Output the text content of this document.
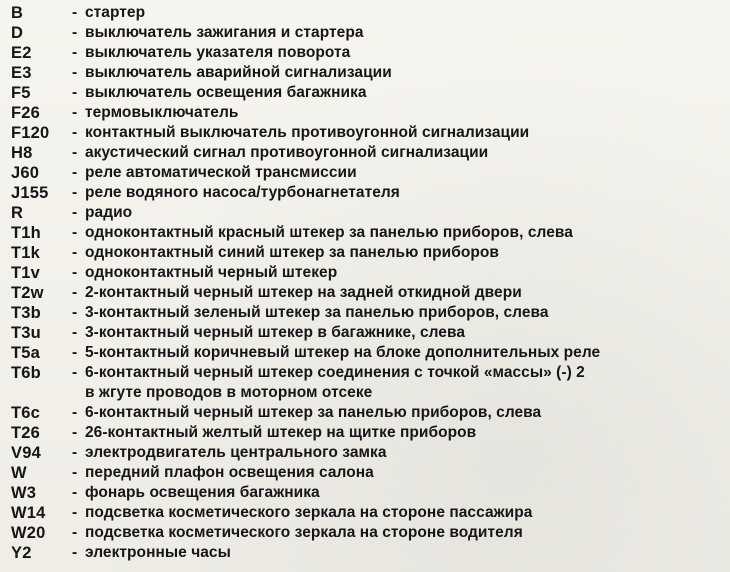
B	- стартер
D	- выключатель зажигания и стартера
E2	- выключатель указателя поворота
E3	- выключатель аварийной сигнализации
F5	- выключатель освещения багажника
F26	- термовыключатель
F120	- контактный выключатель противоугонной сигнализации
H8	- акустический сигнал противоугонной сигнализации
J60	- реле автоматической трансмиссии
J155	- реле водяного насоса/турбонагнетателя
R	- радио
T1h	- одноконтактный красный штекер за панелью приборов, слева
T1k	- одноконтактный синий штекер за панелью приборов
T1v	- одноконтактный черный штекер
T2w	- 2-контактный черный штекер на задней откидной двери
T3b	- 3-контактный зеленый штекер за панелью приборов, слева
T3u	- 3-контактный черный штекер в багажнике, слева
T5a	- 5-контактный коричневый штекер на блоке дополнительных реле
T6b	- 6-контактный черный штекер соединения с точкой «массы» (-) 2
в жгуте проводов в моторном отсеке
T6c	- 6-контактный черный штекер за панелью приборов, слева
T26	- 26-контактный желтый штекер на щитке приборов
V94	- электродвигатель центрального замка
W	- передний плафон освещения салона
W3	- фонарь освещения багажника
W14	- подсветка косметического зеркала на стороне пассажира
W20	- подсветка косметического зеркала на стороне водителя
Y2	- электронные часы
